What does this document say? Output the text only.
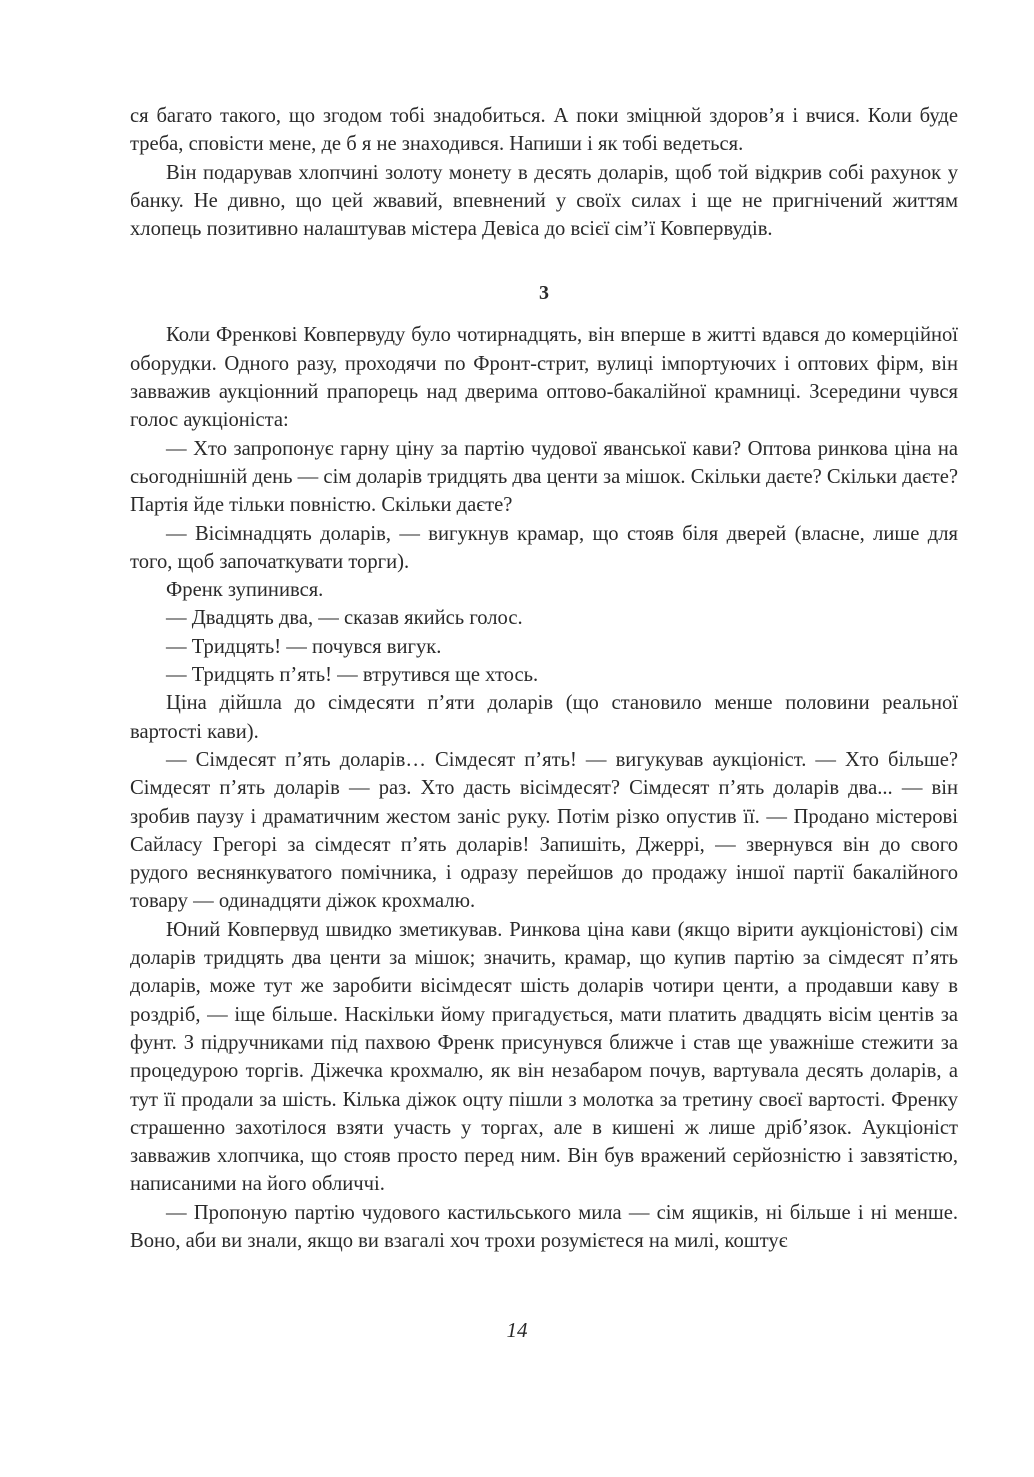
ся багато такого, що згодом тобі знадобиться. А поки зміцнюй здоров’я і вчися. Коли буде треба, сповісти мене, де б я не знаходився. Напиши і як тобі ведеться.

Він подарував хлопчині золоту монету в десять доларів, щоб той відкрив собі рахунок у банку. Не дивно, що цей жвавий, впевнений у своїх силах і ще не пригнічений життям хлопець позитивно налаштував містера Девіса до всієї сім’ї Ковпервудів.

3

Коли Френкові Ковпервуду було чотирнадцять, він вперше в житті вдався до комерційної оборудки. Одного разу, проходячи по Фронт-стрит, вулиці імпортуючих і оптових фірм, він завважив аукціонний прапорець над дверима оптово-бакалійної крамниці. Зсередини чувся голос аукціоніста:

— Хто запропонує гарну ціну за партію чудової яванської кави? Оптова ринкова ціна на сьогоднішній день — сім доларів тридцять два центи за мішок. Скільки даєте? Скільки даєте? Партія йде тільки повністю. Скільки даєте?

— Вісімнадцять доларів, — вигукнув крамар, що стояв біля дверей (власне, лише для того, щоб започаткувати торги).

Френк зупинився.

— Двадцять два, — сказав якийсь голос.

— Тридцять! — почувся вигук.

— Тридцять п’ять! — втрутився ще хтось.

Ціна дійшла до сімдесяти п’яти доларів (що становило менше половини реальної вартості кави).

— Сімдесят п’ять доларів… Сімдесят п’ять! — вигукував аукціоніст. — Хто більше? Сімдесят п’ять доларів — раз. Хто дасть вісімдесят? Сімдесят п’ять доларів два... — він зробив паузу і драматичним жестом заніс руку. Потім різко опустив її. — Продано містерові Сайласу Грегорі за сімдесят п’ять доларів! Запишіть, Джеррі, — звернувся він до свого рудого веснянкуватого помічника, і одразу перейшов до продажу іншої партії бакалійного товару — одинадцяти діжок крохмалю.

Юний Ковпервуд швидко зметикував. Ринкова ціна кави (якщо вірити аукціоністові) сім доларів тридцять два центи за мішок; значить, крамар, що купив партію за сімдесят п’ять доларів, може тут же заробити вісімдесят шість доларів чотири центи, а продавши каву в роздріб, — іще більше. Наскільки йому пригадується, мати платить двадцять вісім центів за фунт. З підручниками під пахвою Френк присунувся ближче і став ще уважніше стежити за процедурою торгів. Діжечка крохмалю, як він незабаром почув, вартувала десять доларів, а тут її продали за шість. Кілька діжок оцту пішли з молотка за третину своєї вартості. Френку страшенно захотілося взяти участь у торгах, але в кишені ж лише дріб’язок. Аукціоніст завважив хлопчика, що стояв просто перед ним. Він був вражений серйозністю і завзятістю, написаними на його обличчі.

— Пропоную партію чудового кастильського мила — сім ящиків, ні більше і ні менше. Воно, аби ви знали, якщо ви взагалі хоч трохи розумієтеся на милі, коштує

14
